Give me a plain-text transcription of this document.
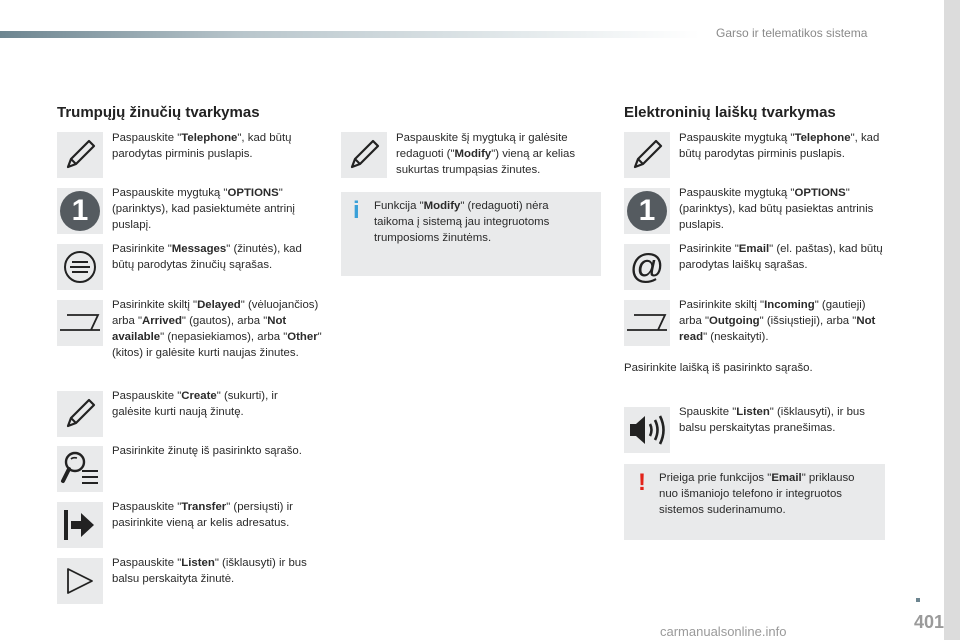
Garso ir telematikos sistema
Trumpųjų žinučių tvarkymas
Paspauskite "Telephone", kad būtų parodytas pirminis puslapis.
1
Paspauskite mygtuką "OPTIONS" (parinktys), kad pasiektumėte antrinį puslapį.
Pasirinkite "Messages" (žinutės), kad būtų parodytas žinučių sąrašas.
Pasirinkite skiltį "Delayed" (vėluojančios) arba "Arrived" (gautos), arba "Not available" (nepasiekiamos), arba "Other" (kitos) ir galėsite kurti naujas žinutes.
Paspauskite "Create" (sukurti), ir galėsite kurti naują žinutę.
Pasirinkite žinutę iš pasirinkto sąrašo.
Paspauskite "Transfer" (persiųsti) ir pasirinkite vieną ar kelis adresatus.
Paspauskite "Listen" (išklausyti) ir bus balsu perskaityta žinutė.
Paspauskite šį mygtuką ir galėsite redaguoti ("Modify") vieną ar kelias sukurtas trumpąsias žinutes.
i Funkcija "Modify" (redaguoti) nėra taikoma į sistemą jau integruotoms trumposioms žinutėms.
Elektroninių laiškų tvarkymas
Paspauskite mygtuką "Telephone", kad būtų parodytas pirminis puslapis.
1
Paspauskite mygtuką "OPTIONS" (parinktys), kad būtų pasiektas antrinis puslapis.
@ Pasirinkite "Email" (el. paštas), kad būtų parodytas laiškų sąrašas.
Pasirinkite skiltį "Incoming" (gautieji) arba "Outgoing" (išsiųstieji), arba "Not read" (neskaityti).
Pasirinkite laišką iš pasirinkto sąrašo.
Spauskite "Listen" (išklausyti), ir bus balsu perskaitytas pranešimas.
! Prieiga prie funkcijos "Email" priklauso nuo išmaniojo telefono ir integruotos sistemos suderinamumo.
401
carmanualsonline.info
